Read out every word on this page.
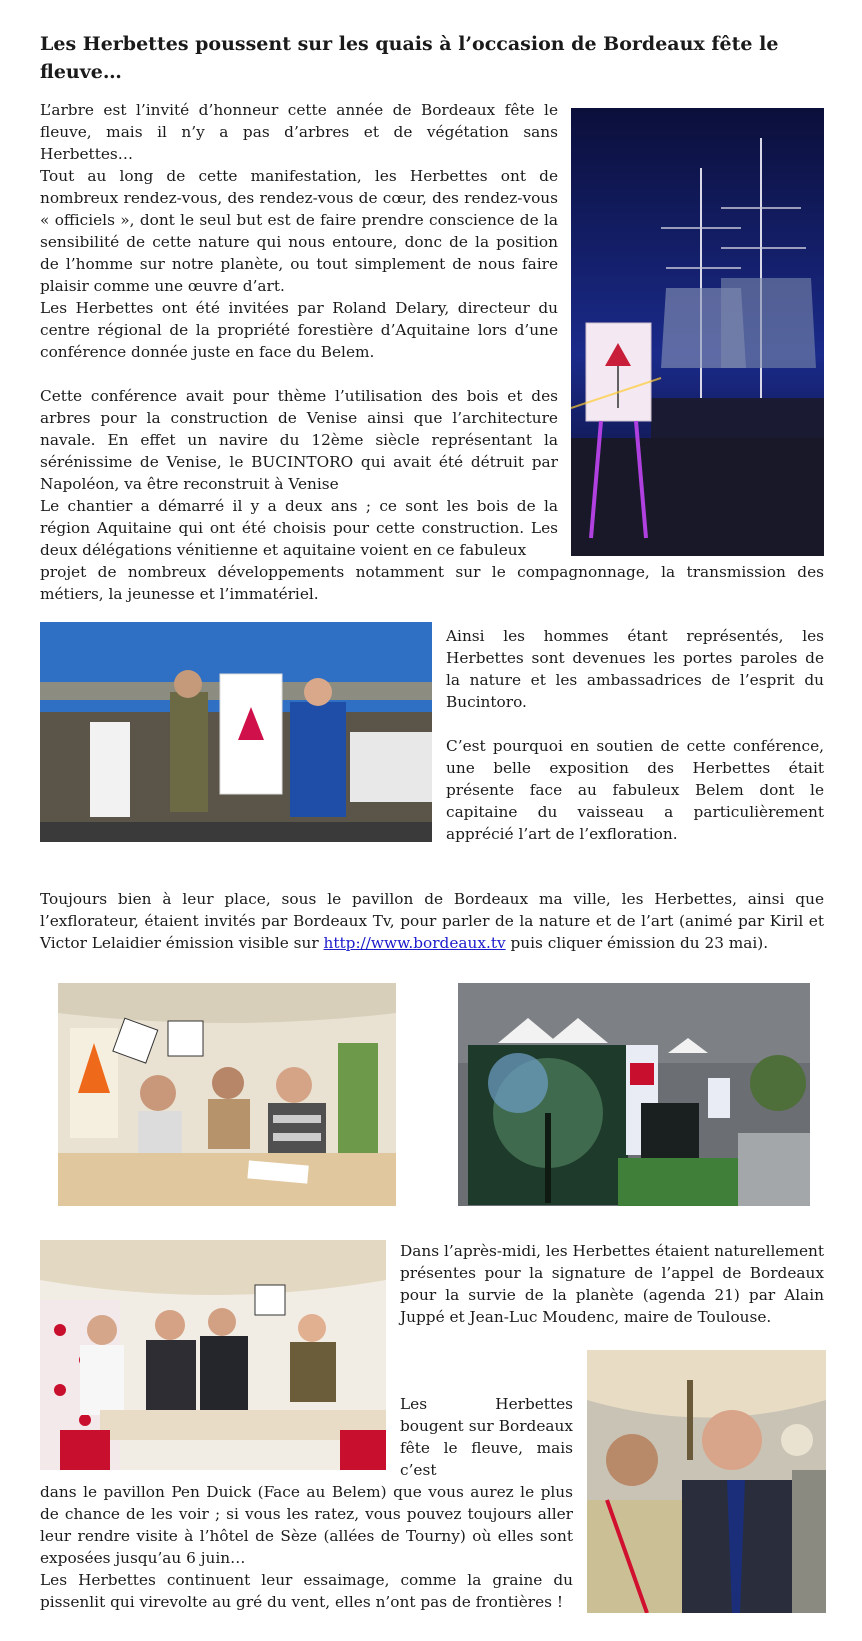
Les Herbettes poussent sur les quais à l’occasion de Bordeaux fête le fleuve…
L’arbre est l’invité d’honneur cette année de Bordeaux fête le fleuve, mais il n’y a pas d’arbres et de végétation sans Herbettes…
Tout au long de cette manifestation, les Herbettes ont de nombreux rendez-vous, des rendez-vous de cœur, des rendez-vous « officiels », dont le seul but est de faire prendre conscience de la sensibilité de cette nature qui nous entoure, donc de la position de l’homme sur notre planète, ou tout simplement de nous faire plaisir comme une œuvre d’art.
Les Herbettes ont été invitées par Roland Delary, directeur du centre régional de la propriété forestière d’Aquitaine lors d’une conférence donnée juste en face du Belem.
Cette conférence avait pour thème l’utilisation des bois et des arbres pour la construction de Venise ainsi que l’architecture navale. En effet un navire du 12ème siècle représentant la sérénissime de Venise, le BUCINTORO qui avait été détruit par Napoléon, va être reconstruit à Venise
Le chantier a démarré il y a deux ans ; ce sont les bois de la région Aquitaine qui ont été choisis pour cette construction. Les deux délégations vénitienne et aquitaine voient en ce fabuleux
projet de nombreux développements notamment sur le compagnonnage, la transmission des métiers, la jeunesse et l’immatériel.
Ainsi les hommes étant représentés, les Herbettes sont devenues les portes paroles de la nature et les ambassadrices de l’esprit du Bucintoro.
C’est pourquoi en soutien de cette conférence, une belle exposition des Herbettes était présente face au fabuleux Belem dont le capitaine du vaisseau a particulièrement apprécié l’art de l’exfloration.
Toujours bien à leur place, sous le pavillon de Bordeaux ma ville, les Herbettes, ainsi que l’exflorateur, étaient invités par Bordeaux Tv, pour parler de la nature et de l’art (animé par Kiril et Victor Lelaidier émission visible sur http://www.bordeaux.tv puis cliquer émission du 23 mai).
Dans l’après-midi, les Herbettes étaient naturellement présentes pour la signature de l’appel de Bordeaux pour la survie de la planète (agenda 21) par Alain Juppé et Jean-Luc Moudenc, maire de Toulouse.
Les Herbettes bougent sur Bordeaux fête le fleuve, mais c’est
dans le pavillon Pen Duick (Face au Belem) que vous aurez le plus de chance de les voir ; si vous les ratez, vous pouvez toujours aller leur rendre visite à l’hôtel de Sèze (allées de Tourny) où elles sont exposées jusqu’au 6 juin…
Les Herbettes continuent leur essaimage, comme la graine du pissenlit qui virevolte au gré du vent, elles n’ont pas de frontières !
